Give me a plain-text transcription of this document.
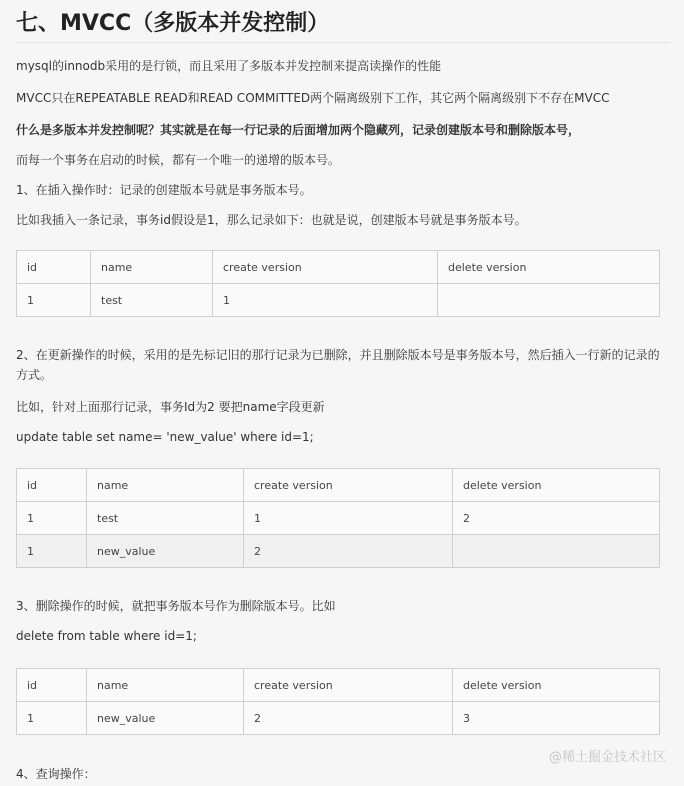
七、MVCC（多版本并发控制）
mysql的innodb采用的是行锁，而且采用了多版本并发控制来提高读操作的性能
MVCC只在REPEATABLE READ和READ COMMITTED两个隔离级别下工作，其它两个隔离级别下不存在MVCC
什么是多版本并发控制呢？其实就是在每一行记录的后面增加两个隐藏列，记录创建版本号和删除版本号，
而每一个事务在启动的时候，都有一个唯一的递增的版本号。
1、在插入操作时：记录的创建版本号就是事务版本号。
比如我插入一条记录，事务id假设是1，那么记录如下：也就是说，创建版本号就是事务版本号。
id	name	create version	delete version
1	test	1	
2、在更新操作的时候，采用的是先标记旧的那行记录为已删除，并且删除版本号是事务版本号，然后插入一行新的记录的方式。
比如，针对上面那行记录，事务Id为2 要把name字段更新
update table set name= 'new_value' where id=1;
id	name	create version	delete version
1	test	1	2
1	new_value	2	
3、删除操作的时候，就把事务版本号作为删除版本号。比如
delete from table where id=1;
id	name	create version	delete version
1	new_value	2	3
@稀土掘金技术社区
4、查询操作：
